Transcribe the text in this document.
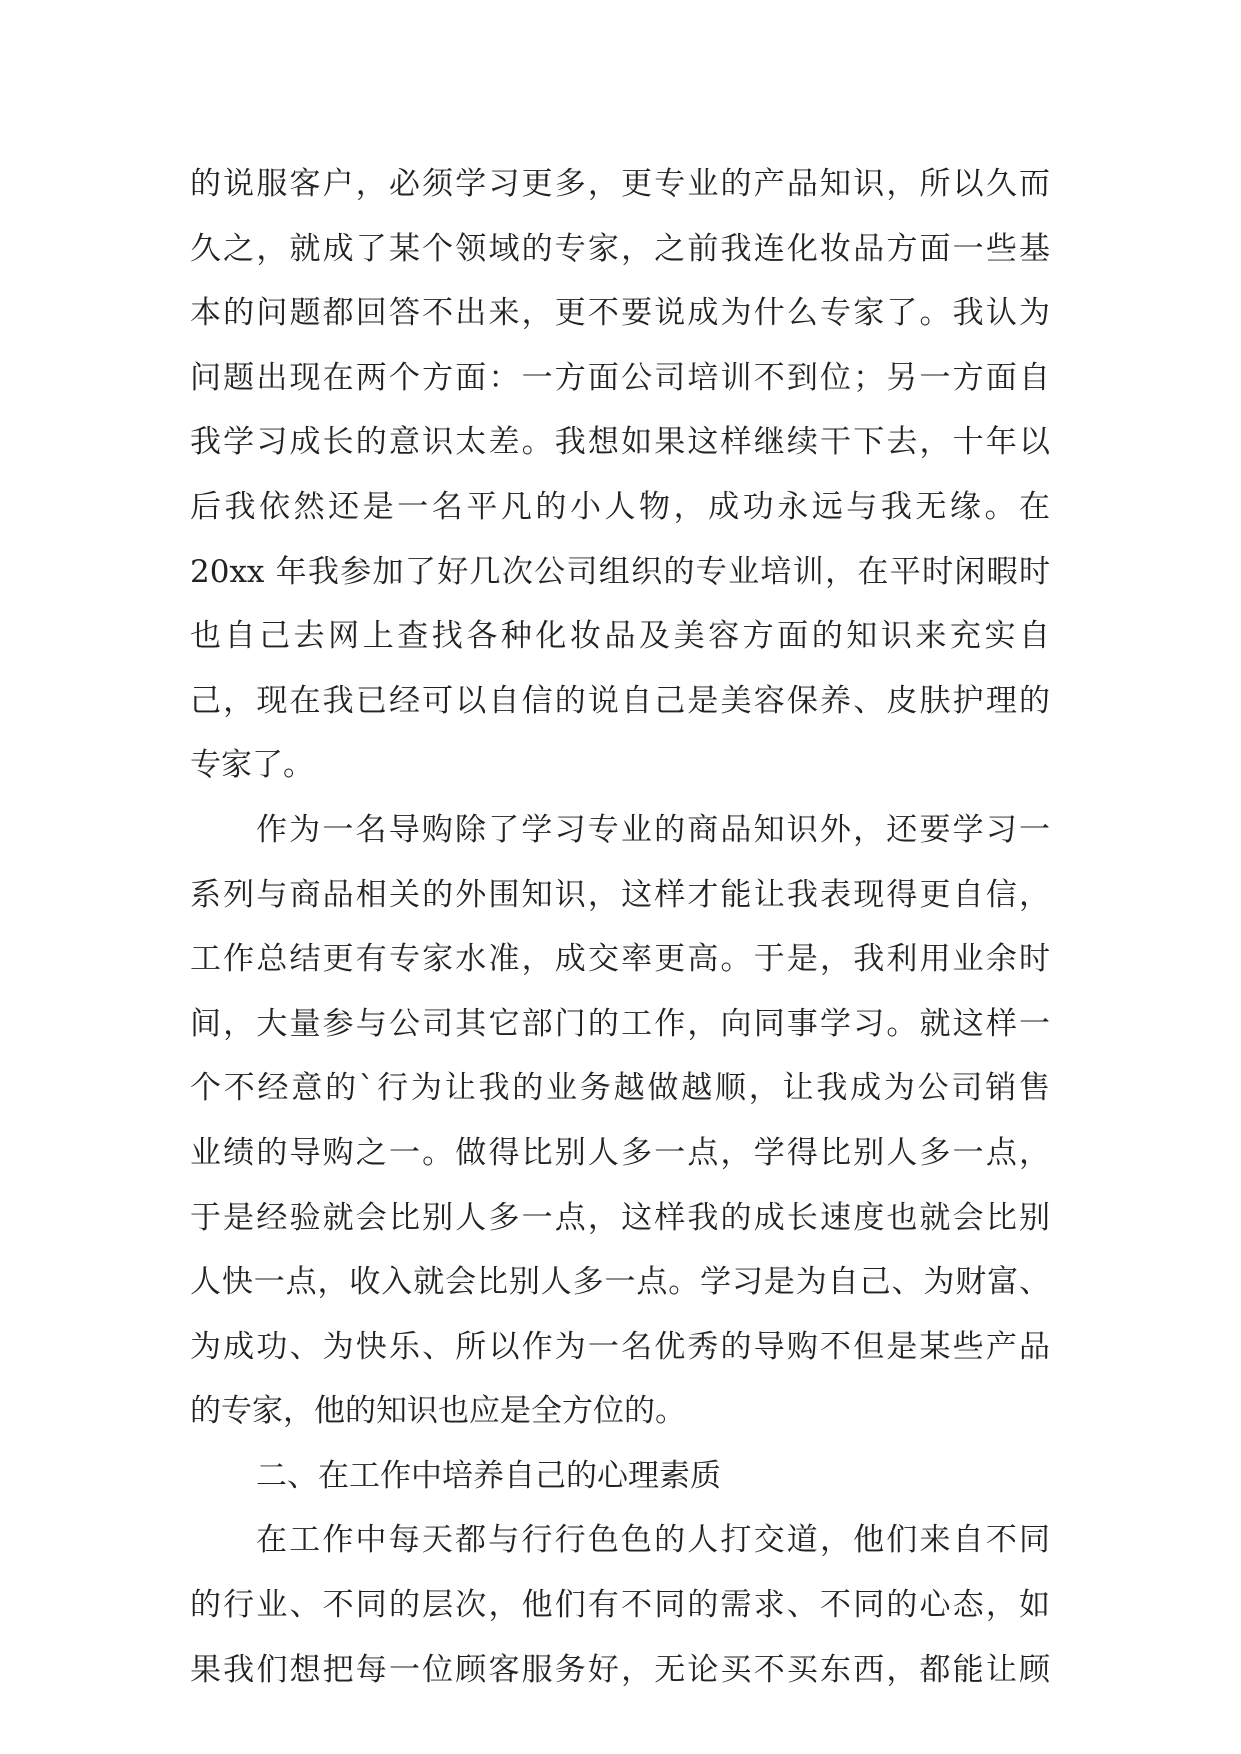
的说服客户，必须学习更多，更专业的产品知识，所以久而
久之，就成了某个领域的专家，之前我连化妆品方面一些基
本的问题都回答不出来，更不要说成为什么专家了。我认为
问题出现在两个方面：一方面公司培训不到位；另一方面自
我学习成长的意识太差。我想如果这样继续干下去，十年以
后我依然还是一名平凡的小人物，成功永远与我无缘。在
20xx 年我参加了好几次公司组织的专业培训，在平时闲暇时
也自己去网上查找各种化妆品及美容方面的知识来充实自
己，现在我已经可以自信的说自己是美容保养、皮肤护理的
专家了。
作为一名导购除了学习专业的商品知识外，还要学习一
系列与商品相关的外围知识，这样才能让我表现得更自信，
工作总结更有专家水准，成交率更高。于是，我利用业余时
间，大量参与公司其它部门的工作，向同事学习。就这样一
个不经意的`行为让我的业务越做越顺，让我成为公司销售
业绩的导购之一。做得比别人多一点，学得比别人多一点，
于是经验就会比别人多一点，这样我的成长速度也就会比别
人快一点，收入就会比别人多一点。学习是为自己、为财富、
为成功、为快乐、所以作为一名优秀的导购不但是某些产品
的专家，他的知识也应是全方位的。
二、在工作中培养自己的心理素质
在工作中每天都与行行色色的人打交道，他们来自不同
的行业、不同的层次，他们有不同的需求、不同的心态，如
果我们想把每一位顾客服务好，无论买不买东西，都能让顾
